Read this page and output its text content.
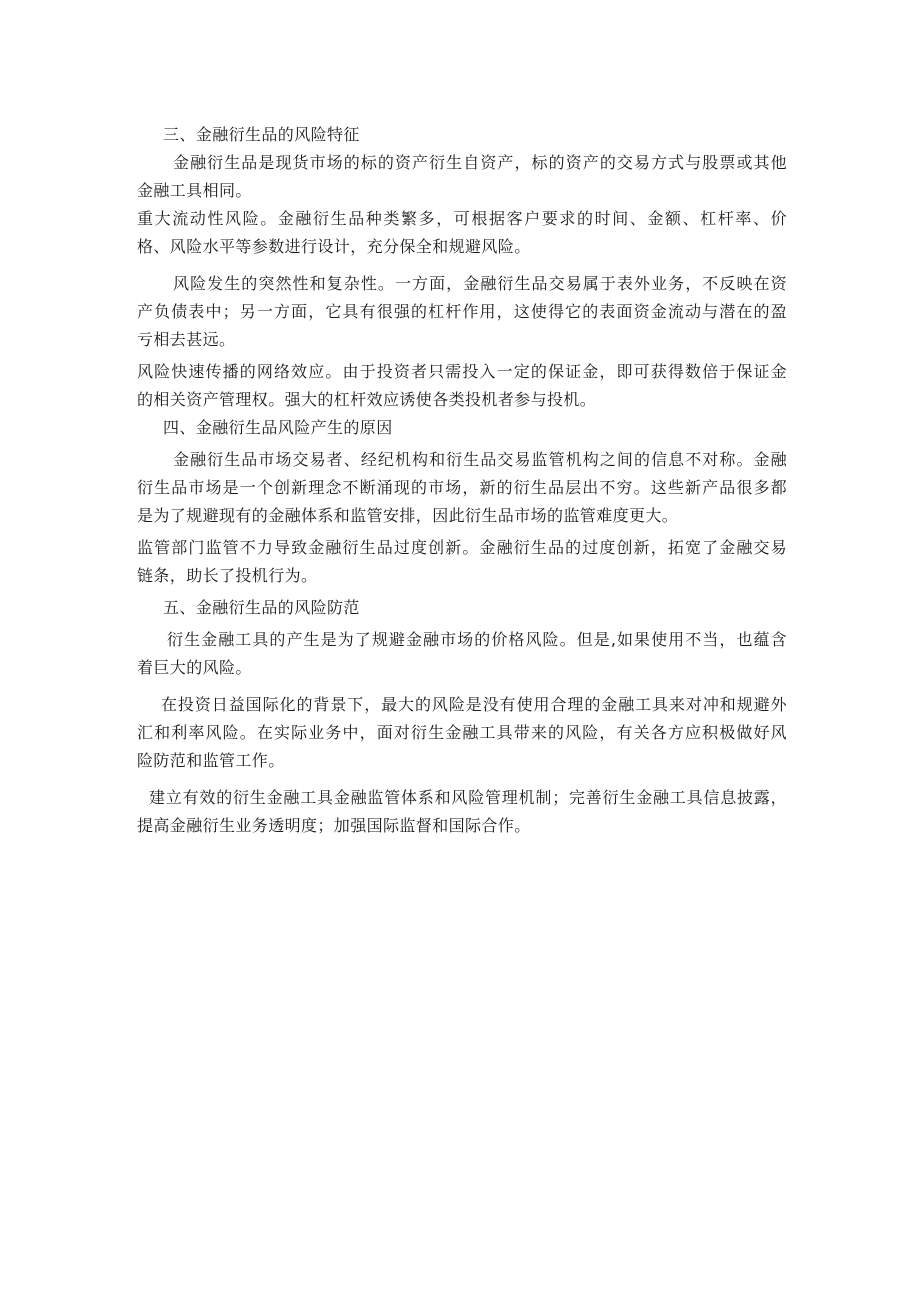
三、金融衍生品的风险特征
金融衍生品是现货市场的标的资产衍生自资产，标的资产的交易方式与股票或其他
金融工具相同。
重大流动性风险。金融衍生品种类繁多，可根据客户要求的时间、金额、杠杆率、价
格、风险水平等参数进行设计，充分保全和规避风险。
风险发生的突然性和复杂性。一方面，金融衍生品交易属于表外业务，不反映在资
产负债表中；另一方面，它具有很强的杠杆作用，这使得它的表面资金流动与潜在的盈
亏相去甚远。
风险快速传播的网络效应。由于投资者只需投入一定的保证金，即可获得数倍于保证金
的相关资产管理权。强大的杠杆效应诱使各类投机者参与投机。
四、金融衍生品风险产生的原因
金融衍生品市场交易者、经纪机构和衍生品交易监管机构之间的信息不对称。金融
衍生品市场是一个创新理念不断涌现的市场，新的衍生品层出不穷。这些新产品很多都
是为了规避现有的金融体系和监管安排，因此衍生品市场的监管难度更大。
监管部门监管不力导致金融衍生品过度创新。金融衍生品的过度创新，拓宽了金融交易
链条，助长了投机行为。
五、金融衍生品的风险防范
衍生金融工具的产生是为了规避金融市场的价格风险。但是,如果使用不当，也蕴含
着巨大的风险。
在投资日益国际化的背景下，最大的风险是没有使用合理的金融工具来对冲和规避外
汇和利率风险。在实际业务中，面对衍生金融工具带来的风险，有关各方应积极做好风
险防范和监管工作。
建立有效的衍生金融工具金融监管体系和风险管理机制；完善衍生金融工具信息披露，
提高金融衍生业务透明度；加强国际监督和国际合作。
